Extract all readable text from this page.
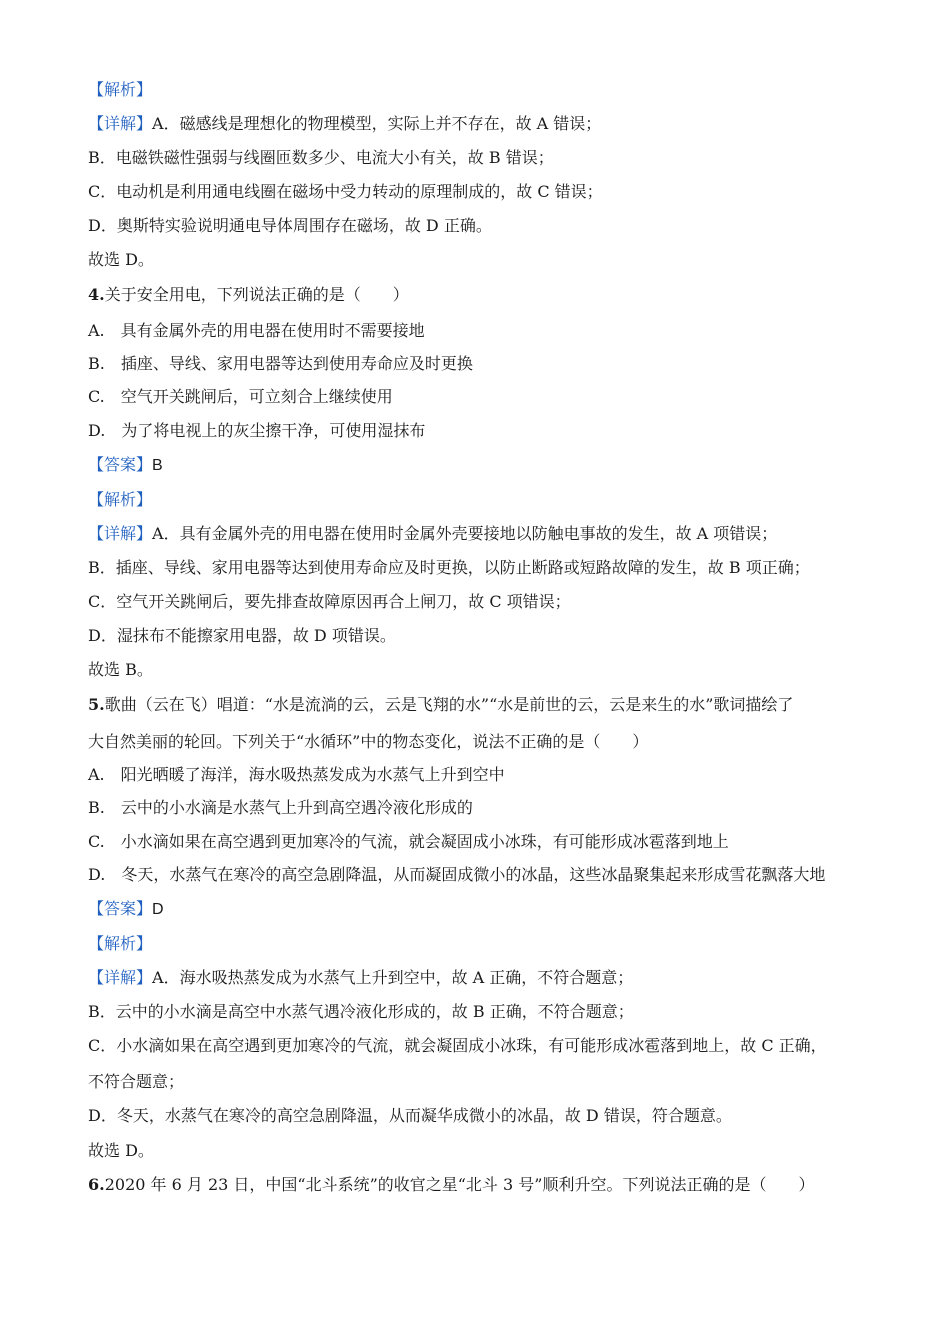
【解析】
【详解】A．磁感线是理想化的物理模型，实际上并不存在，故 A 错误；
B．电磁铁磁性强弱与线圈匝数多少、电流大小有关，故 B 错误；
C．电动机是利用通电线圈在磁场中受力转动的原理制成的，故 C 错误；
D．奥斯特实验说明通电导体周围存在磁场，故 D 正确。
故选 D。
4.关于安全用电，下列说法正确的是（　　）
A.　具有金属外壳的用电器在使用时不需要接地
B.　插座、导线、家用电器等达到使用寿命应及时更换
C.　空气开关跳闸后，可立刻合上继续使用
D.　为了将电视上的灰尘擦干净，可使用湿抹布
【答案】B
【解析】
【详解】A．具有金属外壳的用电器在使用时金属外壳要接地以防触电事故的发生，故 A 项错误；
B．插座、导线、家用电器等达到使用寿命应及时更换，以防止断路或短路故障的发生，故 B 项正确；
C．空气开关跳闸后，要先排查故障原因再合上闸刀，故 C 项错误；
D．湿抹布不能擦家用电器，故 D 项错误。
故选 B。
5.歌曲（云在飞）唱道：“水是流淌的云，云是飞翔的水”“水是前世的云，云是来生的水”歌词描绘了
大自然美丽的轮回。下列关于“水循环”中的物态变化，说法不正确的是（　　）
A.　阳光晒暖了海洋，海水吸热蒸发成为水蒸气上升到空中
B.　云中的小水滴是水蒸气上升到高空遇冷液化形成的
C.　小水滴如果在高空遇到更加寒冷的气流，就会凝固成小冰珠，有可能形成冰雹落到地上
D.　冬天，水蒸气在寒冷的高空急剧降温，从而凝固成微小的冰晶，这些冰晶聚集起来形成雪花飘落大地
【答案】D
【解析】
【详解】A．海水吸热蒸发成为水蒸气上升到空中，故 A 正确，不符合题意；
B．云中的小水滴是高空中水蒸气遇冷液化形成的，故 B 正确，不符合题意；
C．小水滴如果在高空遇到更加寒冷的气流，就会凝固成小冰珠，有可能形成冰雹落到地上，故 C 正确，
不符合题意；
D．冬天，水蒸气在寒冷的高空急剧降温，从而凝华成微小的冰晶，故 D 错误，符合题意。
故选 D。
6.2020 年 6 月 23 日，中国“北斗系统”的收官之星“北斗 3 号”顺利升空。下列说法正确的是（　　）
